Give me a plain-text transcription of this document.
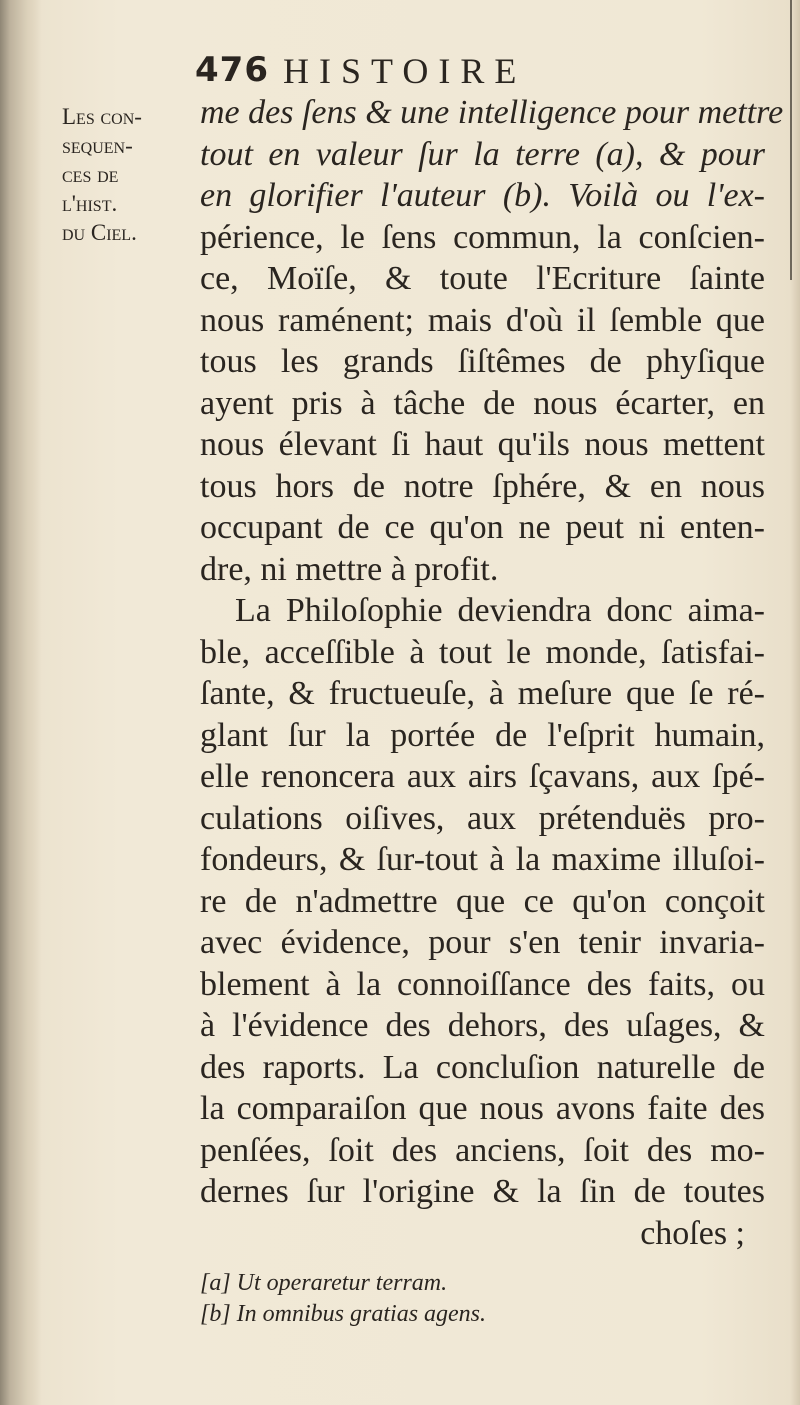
476 HISTOIRE
Les con-
sequen-
ces de
l'hist.
du Ciel.
me des ſens & une intelligence pour mettre
tout en valeur ſur la terre (a), & pour
en glorifier l'auteur (b). Voilà ou l'ex-
périence, le ſens commun, la conſcien-
ce, Moïſe, & toute l'Ecriture ſainte
nous raménent; mais d'où il ſemble que
tous les grands ſiſtêmes de phyſique
ayent pris à tâche de nous écarter, en
nous élevant ſi haut qu'ils nous mettent
tous hors de notre ſphére, & en nous
occupant de ce qu'on ne peut ni enten-
dre, ni mettre à profit.
La Philoſophie deviendra donc aima-
ble, acceſſible à tout le monde, ſatisfai-
ſante, & fructueuſe, à meſure que ſe ré-
glant ſur la portée de l'eſprit humain,
elle renoncera aux airs ſçavans, aux ſpé-
culations oiſives, aux prétenduës pro-
fondeurs, & ſur-tout à la maxime illuſoi-
re de n'admettre que ce qu'on conçoit
avec évidence, pour s'en tenir invaria-
blement à la connoiſſance des faits, ou
à l'évidence des dehors, des uſages, &
des raports. La concluſion naturelle de
la comparaiſon que nous avons faite des
penſées, ſoit des anciens, ſoit des mo-
dernes ſur l'origine & la ſin de toutes
choſes ;
[a] Ut operaretur terram.
[b] In omnibus gratias agens.
